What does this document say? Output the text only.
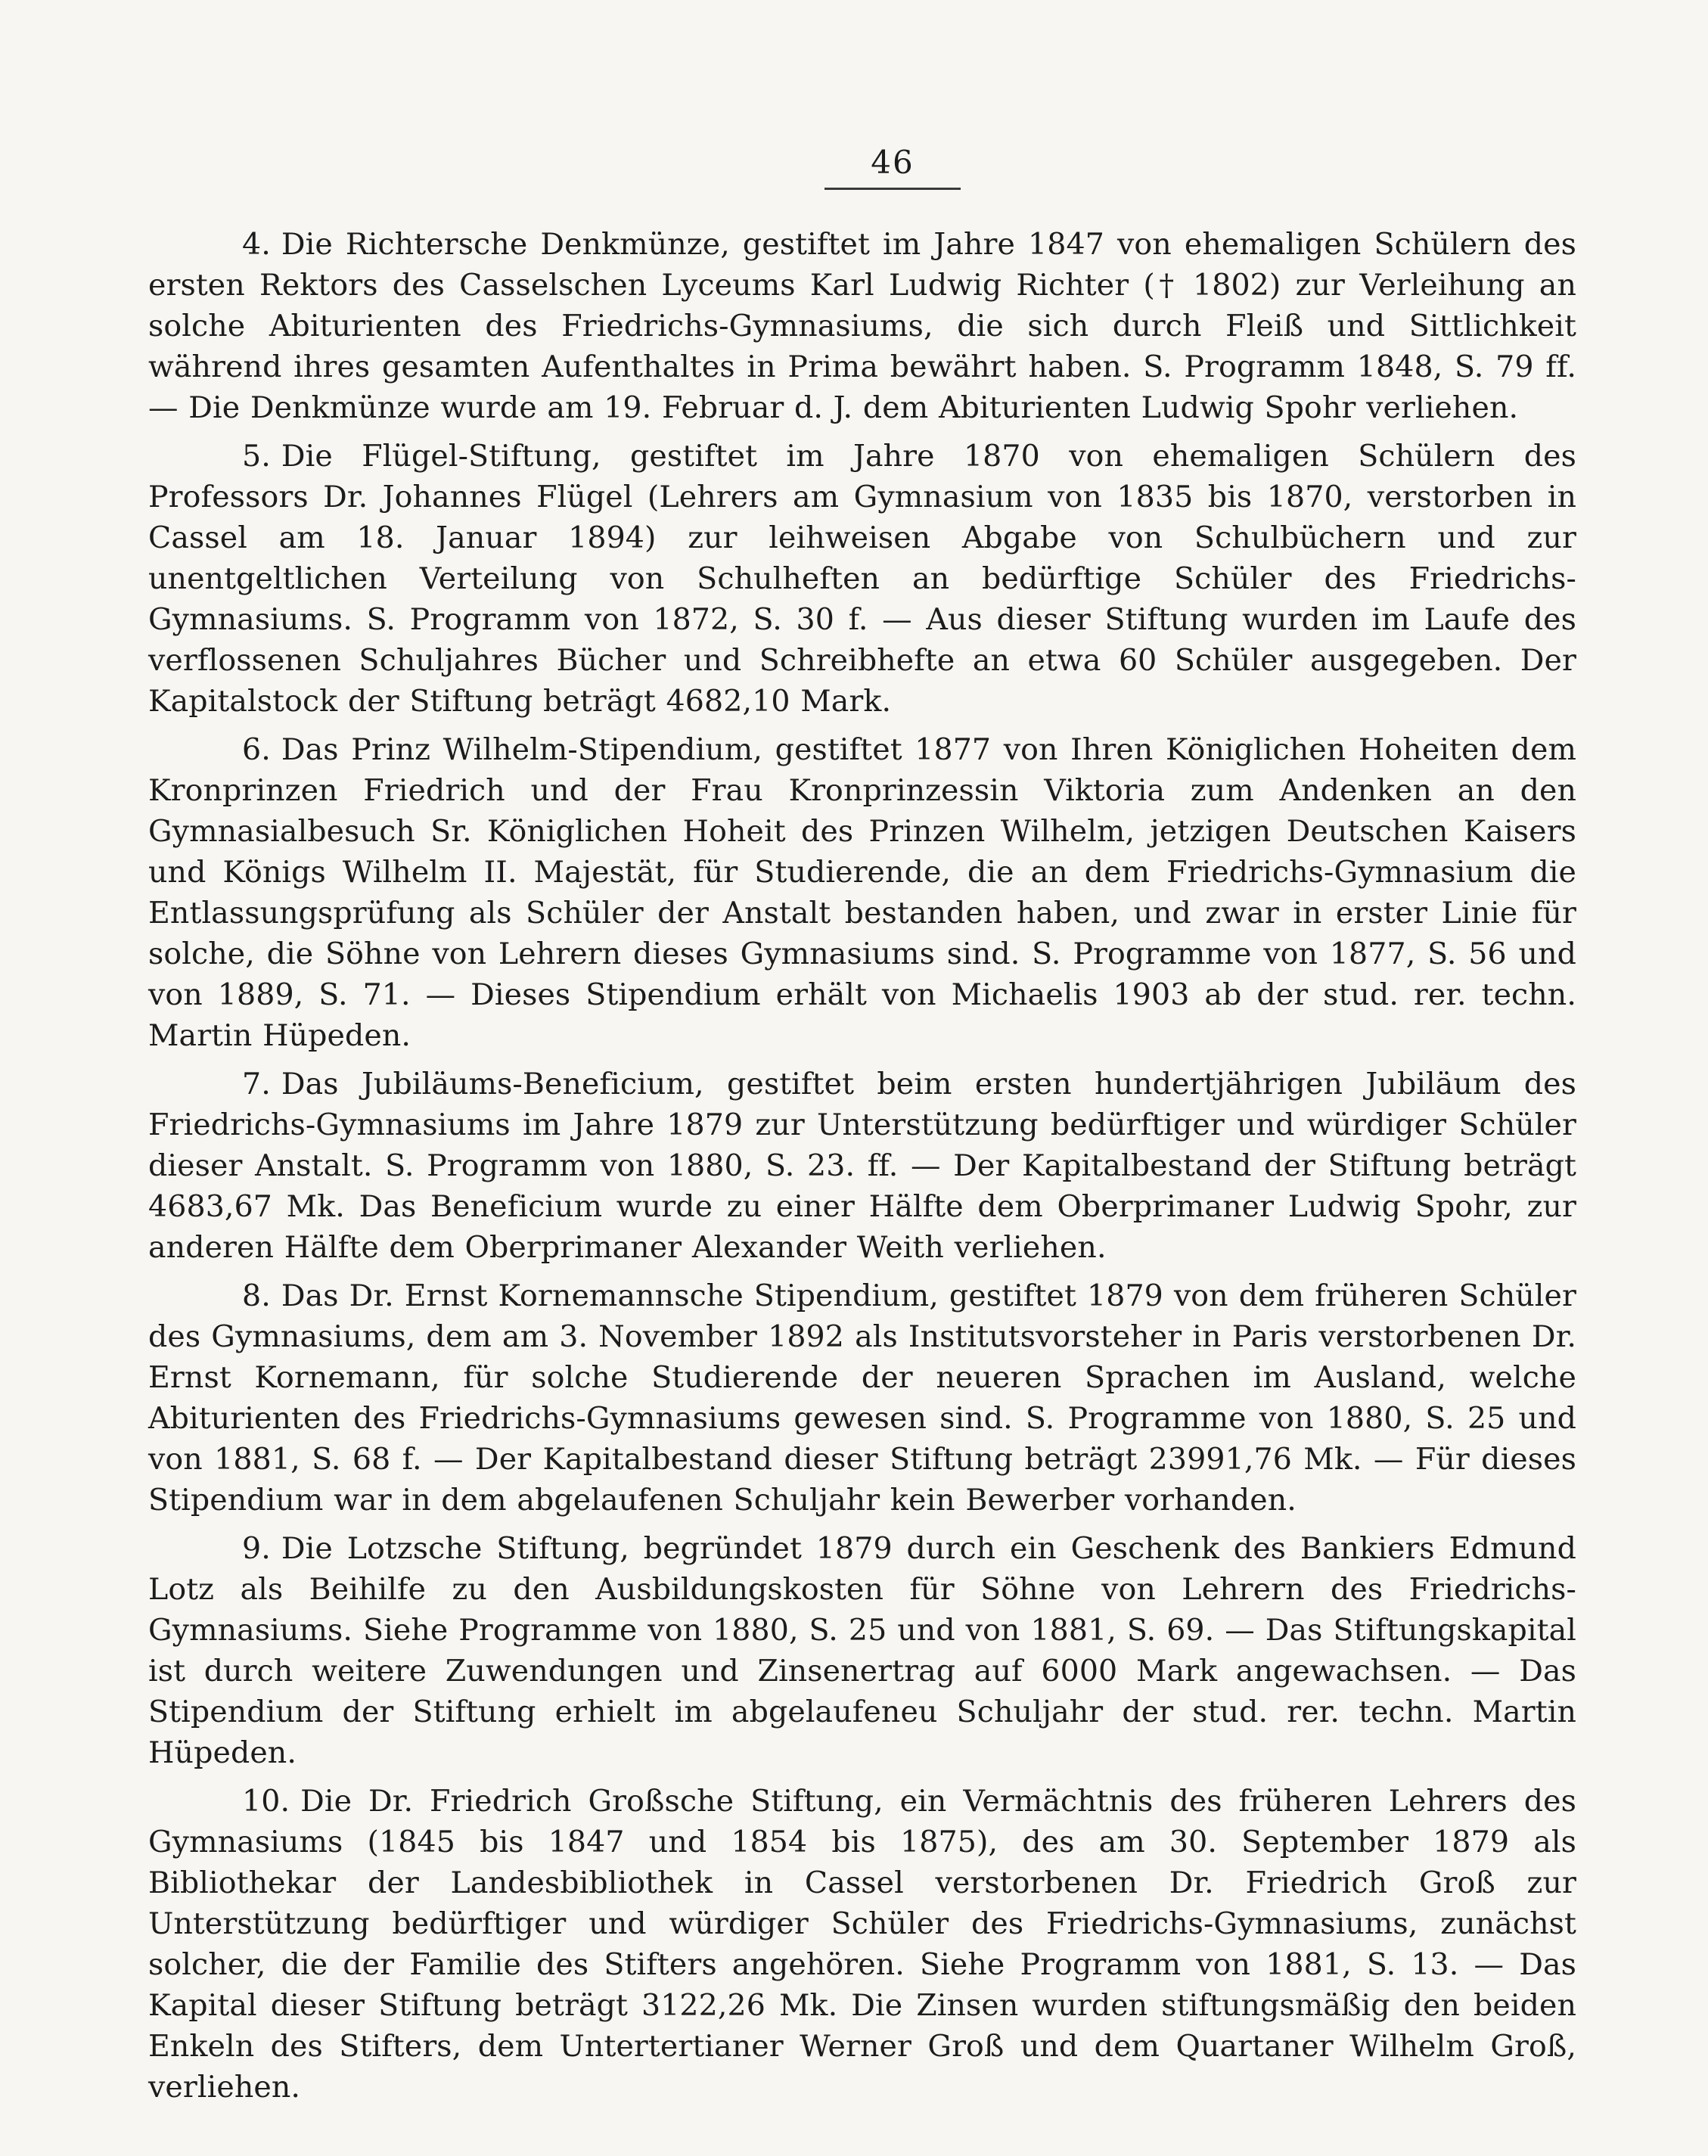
46

4. Die Richtersche Denkmünze, gestiftet im Jahre 1847 von ehemaligen Schülern des ersten Rektors des Casselschen Lyceums Karl Ludwig Richter († 1802) zur Verleihung an solche Abiturienten des Friedrichs-Gymnasiums, die sich durch Fleiß und Sittlichkeit während ihres gesamten Aufenthaltes in Prima bewährt haben. S. Programm 1848, S. 79 ff. — Die Denkmünze wurde am 19. Februar d. J. dem Abiturienten Ludwig Spohr verliehen.

5. Die Flügel-Stiftung, gestiftet im Jahre 1870 von ehemaligen Schülern des Professors Dr. Johannes Flügel (Lehrers am Gymnasium von 1835 bis 1870, verstorben in Cassel am 18. Januar 1894) zur leihweisen Abgabe von Schulbüchern und zur unentgeltlichen Verteilung von Schulheften an bedürftige Schüler des Friedrichs-Gymnasiums. S. Programm von 1872, S. 30 f. — Aus dieser Stiftung wurden im Laufe des verflossenen Schuljahres Bücher und Schreibhefte an etwa 60 Schüler ausgegeben. Der Kapitalstock der Stiftung beträgt 4682,10 Mark.

6. Das Prinz Wilhelm-Stipendium, gestiftet 1877 von Ihren Königlichen Hoheiten dem Kronprinzen Friedrich und der Frau Kronprinzessin Viktoria zum Andenken an den Gymnasialbesuch Sr. Königlichen Hoheit des Prinzen Wilhelm, jetzigen Deutschen Kaisers und Königs Wilhelm II. Majestät, für Studierende, die an dem Friedrichs-Gymnasium die Entlassungsprüfung als Schüler der Anstalt bestanden haben, und zwar in erster Linie für solche, die Söhne von Lehrern dieses Gymnasiums sind. S. Programme von 1877, S. 56 und von 1889, S. 71. — Dieses Stipendium erhält von Michaelis 1903 ab der stud. rer. techn. Martin Hüpeden.

7. Das Jubiläums-Beneficium, gestiftet beim ersten hundertjährigen Jubiläum des Friedrichs-Gymnasiums im Jahre 1879 zur Unterstützung bedürftiger und würdiger Schüler dieser Anstalt. S. Programm von 1880, S. 23. ff. — Der Kapitalbestand der Stiftung beträgt 4683,67 Mk. Das Beneficium wurde zu einer Hälfte dem Oberprimaner Ludwig Spohr, zur anderen Hälfte dem Oberprimaner Alexander Weith verliehen.

8. Das Dr. Ernst Kornemannsche Stipendium, gestiftet 1879 von dem früheren Schüler des Gymnasiums, dem am 3. November 1892 als Institutsvorsteher in Paris verstorbenen Dr. Ernst Kornemann, für solche Studierende der neueren Sprachen im Ausland, welche Abiturienten des Friedrichs-Gymnasiums gewesen sind. S. Programme von 1880, S. 25 und von 1881, S. 68 f. — Der Kapitalbestand dieser Stiftung beträgt 23991,76 Mk. — Für dieses Stipendium war in dem abgelaufenen Schuljahr kein Bewerber vorhanden.

9. Die Lotzsche Stiftung, begründet 1879 durch ein Geschenk des Bankiers Edmund Lotz als Beihilfe zu den Ausbildungskosten für Söhne von Lehrern des Friedrichs-Gymnasiums. Siehe Programme von 1880, S. 25 und von 1881, S. 69. — Das Stiftungskapital ist durch weitere Zuwendungen und Zinsenertrag auf 6000 Mark angewachsen. — Das Stipendium der Stiftung erhielt im abgelaufeneu Schuljahr der stud. rer. techn. Martin Hüpeden.

10. Die Dr. Friedrich Großsche Stiftung, ein Vermächtnis des früheren Lehrers des Gymnasiums (1845 bis 1847 und 1854 bis 1875), des am 30. September 1879 als Bibliothekar der Landesbibliothek in Cassel verstorbenen Dr. Friedrich Groß zur Unterstützung bedürftiger und würdiger Schüler des Friedrichs-Gymnasiums, zunächst solcher, die der Familie des Stifters angehören. Siehe Programm von 1881, S. 13. — Das Kapital dieser Stiftung beträgt 3122,26 Mk. Die Zinsen wurden stiftungsmäßig den beiden Enkeln des Stifters, dem Untertertianer Werner Groß und dem Quartaner Wilhelm Groß, verliehen.
